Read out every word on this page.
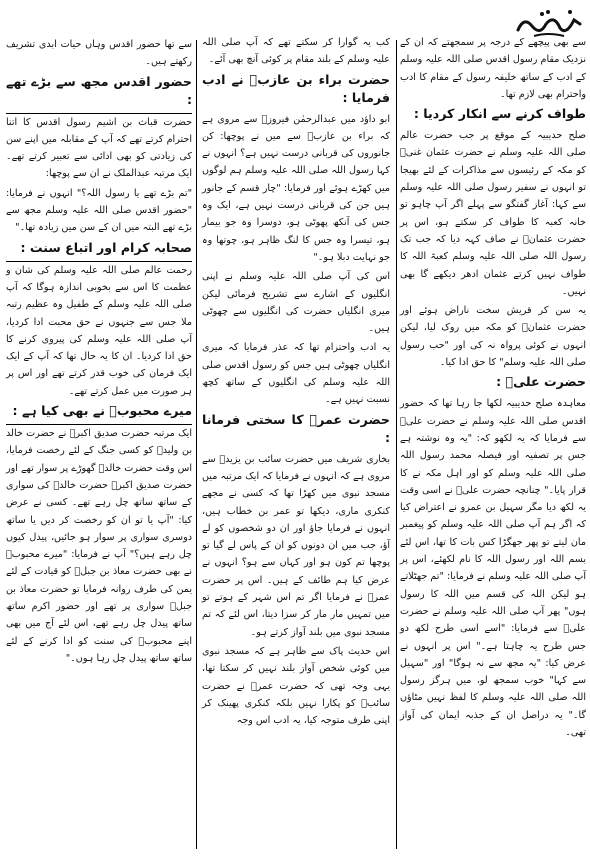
سے بھی پیچھے کے درجہ پر سمجھتے کہ ان کے نزدیک مقام رسول اقدس صلی اللہ علیہ وسلم کے ادب کے ساتھ خلیفہ رسول کے مقام کا ادب واحترام بھی لازم تھا۔

طواف کرنے سے انکار کردیا :

صلح حدیبیہ کے موقع پر جب حضرت عالم صلی اللہ علیہ وسلم نے حضرت عثمان غنیؓ کو مکہ کے رئیسوں سے مذاکرات کے لئے بھیجا تو انہوں نے سفیر رسول صلی اللہ علیہ وسلم سے کہا: آغاز گفتگو سے پہلے اگر آپ چاہو تو خانہ کعبہ کا طواف کر سکتے ہو، اس پر حضرت عثمانؓ نے صاف کہہ دیا کہ جب تک رسول اللہ صلی اللہ علیہ وسلم کعبۃ اللہ کا طواف نہیں کرتے عثمان ادھر دیکھے گا بھی نہیں۔

یہ سن کر قریش سخت ناراض ہوئے اور حضرت عثمانؓ کو مکہ میں روک لیا، لیکن انہوں نے کوئی پرواہ نہ کی اور "حب رسول صلی اللہ علیہ وسلم" کا حق ادا کیا۔

حضرت علیؓ :

معاہدہ صلح حدیبیہ لکھا جا رہا تھا کہ حضور اقدس صلی اللہ علیہ وسلم نے حضرت علیؓ سے فرمایا کہ یہ لکھو کہ: "یہ وہ نوشتہ ہے جس پر تصفیہ اور فیصلہ محمد رسول اللہ صلی اللہ علیہ وسلم کو اور اہل مکہ نے کا قرار پایا۔" چنانچہ حضرت علیؓ نے اسی وقت یہ لکھ دیا مگر سہیل بن عمرو نے اعتراض کیا کہ اگر ہم آپ صلی اللہ علیہ وسلم کو پیغمبر مان لیتے تو پھر جھگڑا کس بات کا تھا، اس لئے بسم اللہ اور رسول اللہ کا نام لکھئے، اس پر آپ صلی اللہ علیہ وسلم نے فرمایا: "تم جھٹلاتے ہو لیکن اللہ کی قسم میں اللہ کا رسول ہوں" پھر آپ صلی اللہ علیہ وسلم نے حضرت علیؓ سے فرمایا: "اسے اسی طرح لکھ دو جس طرح یہ چاہتا ہے۔" اس پر انہوں نے عرض کیا: "یہ مجھ سے نہ ہوگا" اور "سہیل سے کہا" خوب سمجھ لو، میں ہرگز رسول اللہ صلی اللہ علیہ وسلم کا لفظ نہیں مٹاؤں گا۔" یہ دراصل ان کے جذبہ ایمان کی آواز تھی۔

کب یہ گوارا کر سکتے تھے کہ آپ صلی اللہ علیہ وسلم کے بلند مقام پر کوئی آنچ بھی آئے۔

حضرت براء بن عازبؓ نے ادب فرمایا :

ابو داؤد میں عبدالرحمٰن فیروزؓ سے مروی ہے کہ براء بن عازبؓ سے میں نے پوچھا: کن جانوروں کی قربانی درست نہیں ہے؟ انہوں نے کہا رسول اللہ صلی اللہ علیہ وسلم ہم لوگوں میں کھڑے ہوئے اور فرمایا: "چار قسم کے جانور ہیں جن کی قربانی درست نہیں ہے، ایک وہ جس کی آنکھ پھوٹی ہو، دوسرا وہ جو بیمار ہو، تیسرا وہ جس کا لنگ ظاہر ہو، چوتھا وہ جو نہایت دبلا ہو۔"

اس کی آپ صلی اللہ علیہ وسلم نے اپنی انگلیوں کے اشارے سے تشریح فرمائی لیکن میری انگلیاں حضرت کی انگلیوں سے چھوٹی ہیں۔

یہ ادب واحترام تھا کہ عذر فرمایا کہ میری انگلیاں چھوٹی ہیں جس کو رسول اقدس صلی اللہ علیہ وسلم کی انگلیوں کے ساتھ کچھ نسبت نہیں ہے۔

حضرت عمرؓ کا سختی فرمانا :

بخاری شریف میں حضرت سائب بن یزیدؓ سے مروی ہے کہ انہوں نے فرمایا کہ ایک مرتبہ میں مسجد نبوی میں کھڑا تھا کہ کسی نے مجھے کنکری ماری، دیکھا تو عمر بن خطاب ہیں، انہوں نے فرمایا جاؤ اور ان دو شخصوں کو لے آؤ، جب میں ان دونوں کو ان کے پاس لے گیا تو پوچھا تم کون ہو اور کہاں سے ہو؟ انہوں نے عرض کیا ہم طائف کے ہیں۔ اس پر حضرت عمرؓ نے فرمایا اگر تم اس شہر کے ہوتے تو میں تمہیں مار مار کر سزا دیتا، اس لئے کہ تم مسجد نبوی میں بلند آواز کرتے ہو۔

اس حدیث پاک سے ظاہر ہے کہ مسجد نبوی میں کوئی شخص آواز بلند نہیں کر سکتا تھا، یہی وجہ تھی کہ حضرت عمرؓ نے حضرت سائبؓ کو پکارا نہیں بلکہ کنکری پھینک کر اپنی طرف متوجہ کیا، یہ ادب اس وجہ

سے تھا حضور اقدس وہاں حیات ابدی تشریف رکھتے ہیں۔

حضور اقدس مجھ سے بڑے تھے :

حضرت قباث بن اشیم رسول اقدس کا اتنا احترام کرتے تھے کہ آپ کے مقابلہ میں اپنے سن کی زیادتی کو بھی ادائی سے تعبیر کرتے تھے۔ ایک مرتبہ عبدالملک نے ان سے پوچھا:

"تم بڑے تھے یا رسول اللہ؟" انہوں نے فرمایا: "حضور اقدس صلی اللہ علیہ وسلم مجھ سے بڑے تھے البتہ میں ان کے سن میں زیادہ تھا۔"

صحابہ کرام اور اتباع سنت :

رحمت عالم صلی اللہ علیہ وسلم کی شان و عظمت کا اس سے بخوبی اندازہ ہوگا کہ آپ صلی اللہ علیہ وسلم کے طفیل وہ عظیم رتبہ ملا جس سے جنہوں نے حق محبت ادا کردیا، آپ صلی اللہ علیہ وسلم کی پیروی کرنے کا حق ادا کردیا۔ ان کا یہ حال تھا کہ آپ کے ایک ایک فرمان کی خوب قدر کرتے تھے اور اس پر ہر صورت میں عمل کرتے تھے۔

میرے محبوبؐ نے بھی کیا ہے :

ایک مرتبہ حضرت صدیق اکبرؓ نے حضرت خالد بن ولیدؓ کو کسی جنگ کے لئے رخصت فرمایا، اس وقت حضرت خالدؓ گھوڑے پر سوار تھے اور حضرت صدیق اکبرؓ حضرت خالدؓ کی سواری کے ساتھ ساتھ چل رہے تھے۔ کسی نے عرض کیا: "آپ یا تو ان کو رخصت کر دیں یا ساتھ دوسری سواری پر سوار ہو جائیں، پیدل کیوں چل رہے ہیں؟" آپ نے فرمایا: "میرے محبوبؐ نے بھی حضرت معاذ بن جبلؓ کو قیادت کے لئے یمن کی طرف روانہ فرمایا تو حضرت معاذ بن جبلؓ سواری پر تھے اور حضور اکرم ساتھ ساتھ پیدل چل رہے تھے، اس لئے آج میں بھی اپنے محبوبؐ کی سنت کو ادا کرنے کے لئے ساتھ ساتھ پیدل چل رہا ہوں۔"
